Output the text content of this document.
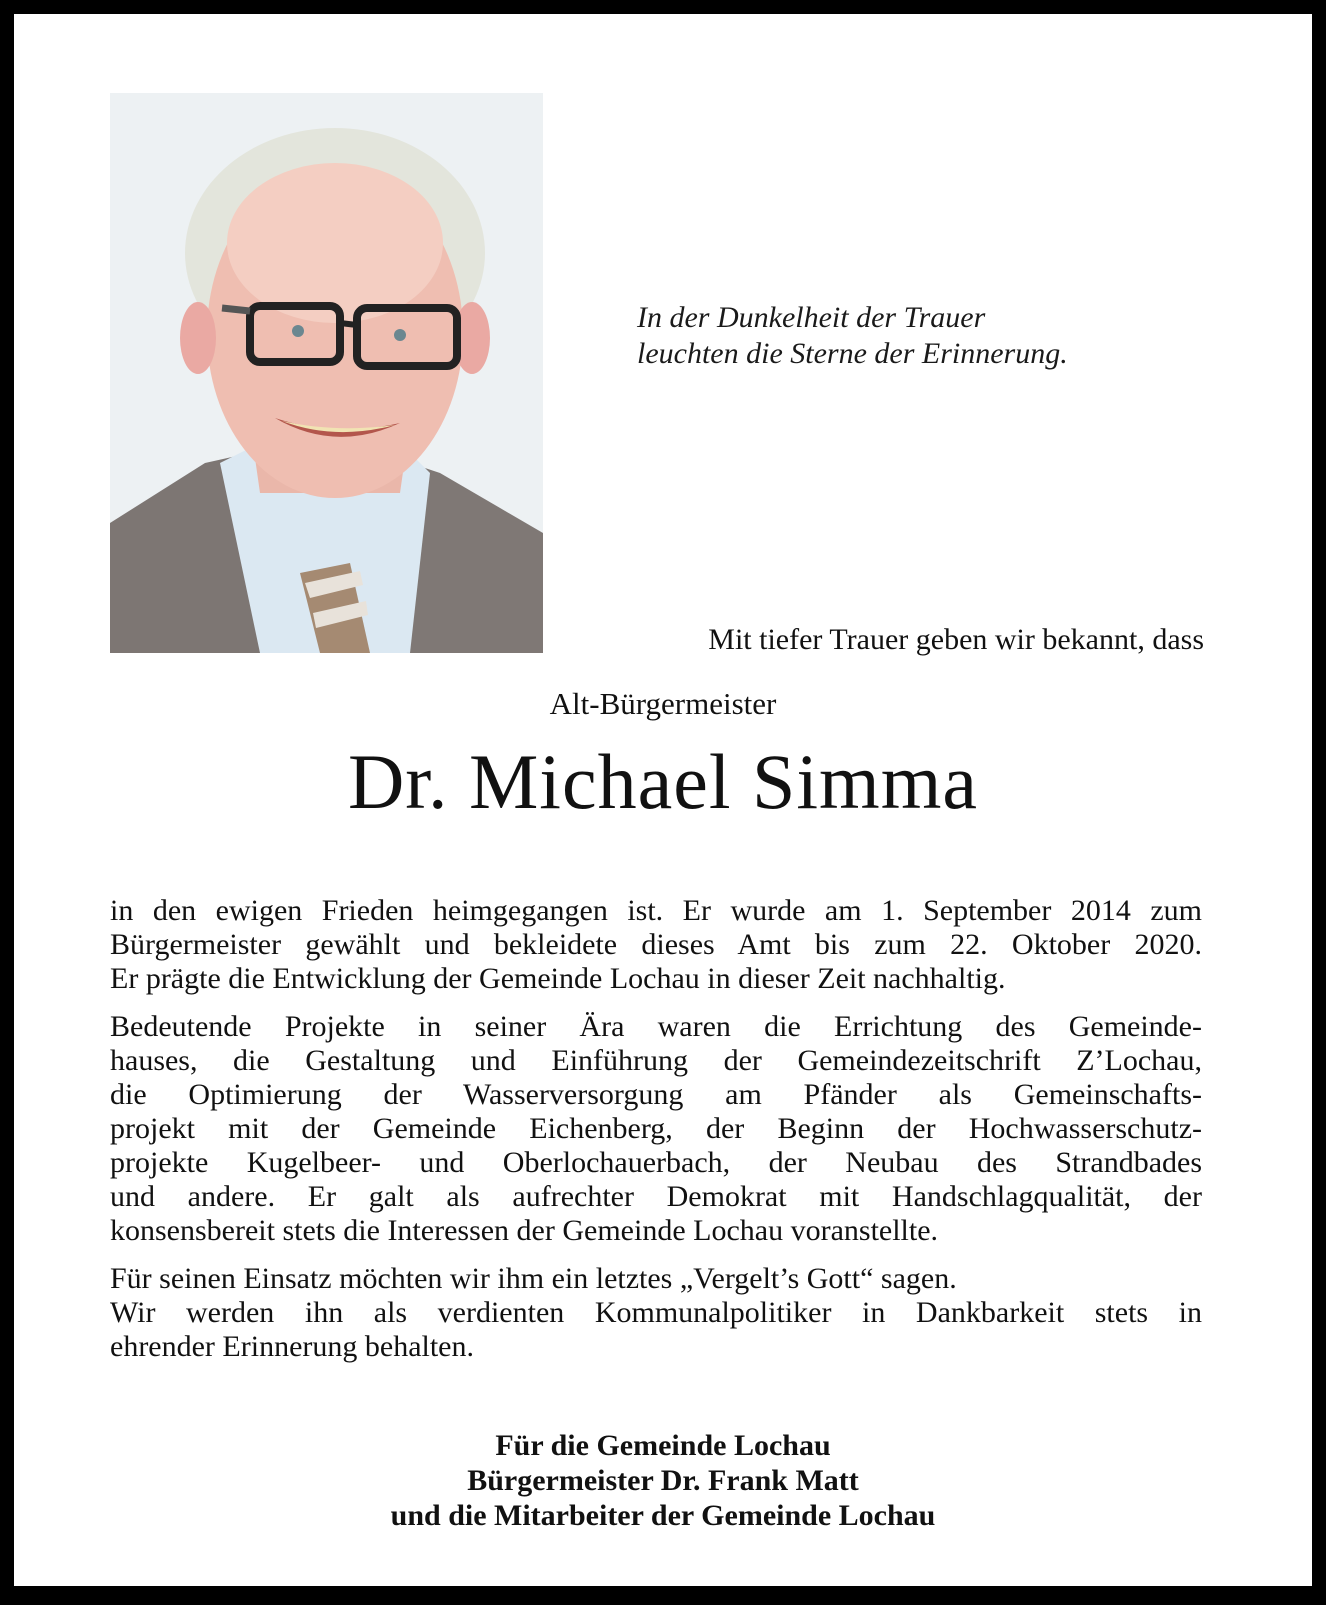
In der Dunkelheit der Trauer
leuchten die Sterne der Erinnerung.
Mit tiefer Trauer geben wir bekannt, dass
Alt-Bürgermeister
Dr. Michael Simma

in den ewigen Frieden heimgegangen ist. Er wurde am 1. September 2014 zum
Bürgermeister gewählt und bekleidete dieses Amt bis zum 22. Oktober 2020.
Er prägte die Entwicklung der Gemeinde Lochau in dieser Zeit nachhaltig.

Bedeutende Projekte in seiner Ära waren die Errichtung des Gemeinde-
hauses, die Gestaltung und Einführung der Gemeindezeitschrift Z’Lochau,
die Optimierung der Wasserversorgung am Pfänder als Gemeinschafts-
projekt mit der Gemeinde Eichenberg, der Beginn der Hochwasserschutz-
projekte Kugelbeer- und Oberlochauerbach, der Neubau des Strandbades
und andere. Er galt als aufrechter Demokrat mit Handschlagqualität, der
konsensbereit stets die Interessen der Gemeinde Lochau voranstellte.

Für seinen Einsatz möchten wir ihm ein letztes „Vergelt’s Gott“ sagen.
Wir werden ihn als verdienten Kommunalpolitiker in Dankbarkeit stets in
ehrender Erinnerung behalten.

Für die Gemeinde Lochau
Bürgermeister Dr. Frank Matt
und die Mitarbeiter der Gemeinde Lochau
